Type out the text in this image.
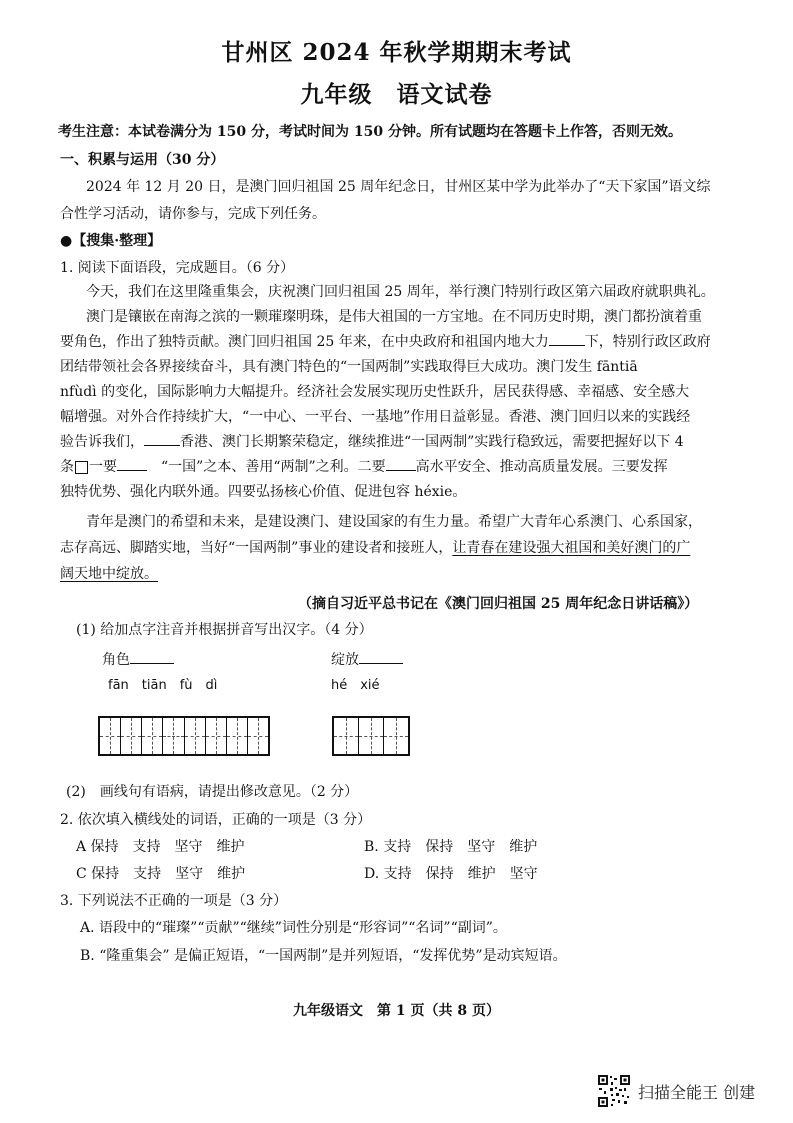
甘州区 2024 年秋学期期末考试
九年级　语文试卷
考生注意：本试卷满分为 150 分，考试时间为 150 分钟。所有试题均在答题卡上作答，否则无效。
一、积累与运用（30 分）
2024 年 12 月 20 日，是澳门回归祖国 25 周年纪念日，甘州区某中学为此举办了“天下家国”语文综
合性学习活动，请你参与，完成下列任务。
●【搜集·整理】
1. 阅读下面语段，完成题目。（6 分）
今天，我们在这里隆重集会，庆祝澳门回归祖国 25 周年，举行澳门特别行政区第六届政府就职典礼。
澳门是镶嵌在南海之滨的一颗璀璨明珠，是伟大祖国的一方宝地。在不同历史时期，澳门都扮演着重
要角色，作出了独特贡献。澳门回归祖国 25 年来，在中央政府和祖国内地大力	下，特别行政区政府
团结带领社会各界接续奋斗，具有澳门特色的“一国两制”实践取得巨大成功。澳门发生 fāntiā
nfùdì 的变化，国际影响力大幅提升。经济社会发展实现历史性跃升，居民获得感、幸福感、安全感大
幅增强。对外合作持续扩大，“一中心、一平台、一基地”作用日益彰显。香港、澳门回归以来的实践经
验告诉我们，	香港、澳门长期繁荣稳定，继续推进“一国两制”实践行稳致远，需要把握好以下 4
条 一要　	“一国”之本、善用“两制”之利。二要 高水平安全、推动高质量发展。三要发挥
独特优势、强化内联外通。四要弘扬核心价值、促进包容 héxie。
青年是澳门的希望和未来，是建设澳门、建设国家的有生力量。希望广大青年心系澳门、心系国家，
志存高远、脚踏实地，当好“一国两制”事业的建设者和接班人，让青春在建设强大祖国和美好澳门的广
阔天地中绽放。
（摘自习近平总书记在《澳门回归祖国 25 周年纪念日讲话稿》）
(1) 给加点字注音并根据拼音写出汉字。（4 分）
角色	绽放
fān　tiān　fù　dì	hé　xié
(2)　画线句有语病，请提出修改意见。（2 分）
2. 依次填入横线处的词语，正确的一项是（3 分）
A 保持　支持　坚守　维护	B. 支持　保持　坚守　维护
C 保持　支持　坚守　维护	D. 支持　保持　维护　坚守
3. 下列说法不正确的一项是（3 分）
A. 语段中的“璀璨”“贡献”“继续”词性分别是“形容词”“名词”“副词”。
B. “隆重集会” 是偏正短语，“一国两制”是并列短语，“发挥优势”是动宾短语。
九年级语文　第 1 页（共 8 页）
扫描全能王 创建
